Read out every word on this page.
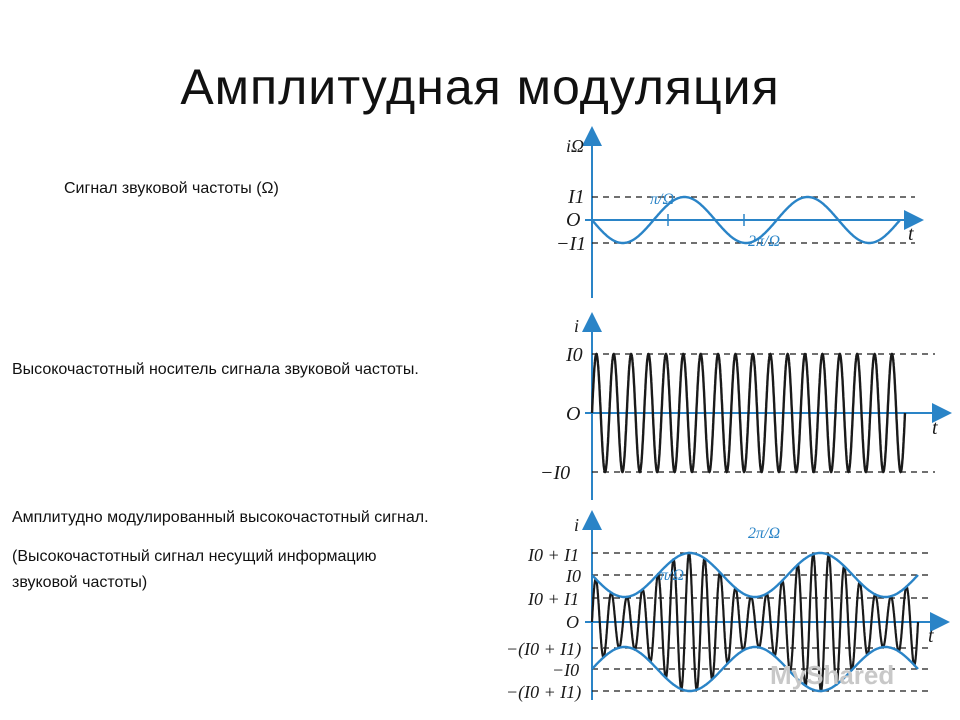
Амплитудная модуляция
Сигнал звуковой частоты (Ω)
Высокочастотный носитель сигнала звуковой частоты.
Амплитудно модулированный высокочастотный сигнал.
(Высокочастотный сигнал несущий информацию
звуковой частоты)
iΩ
t
I1
O
−I1
π/Ω
2π/Ω
i
t
I0
O
−I0
i
t
I0 + I1
I0
I0 + I1
O
−(I0 + I1)
−I0
−(I0 + I1)
2π/Ω
π/Ω
MyShared
